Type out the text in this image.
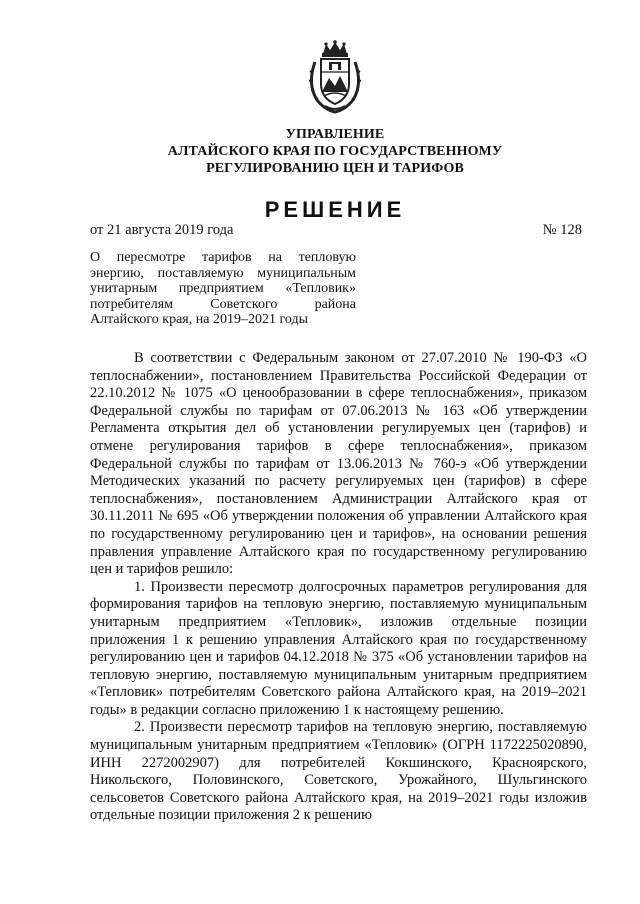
УПРАВЛЕНИЕ
АЛТАЙСКОГО КРАЯ ПО ГОСУДАРСТВЕННОМУ
РЕГУЛИРОВАНИЮ ЦЕН И ТАРИФОВ
РЕШЕНИЕ
от 21 августа 2019 года	№ 128
О пересмотре тарифов на тепловую энергию, поставляемую муниципальным унитарным предприятием «Тепловик» потребителям Советского района Алтайского края, на 2019‒2021 годы

В соответствии с Федеральным законом от 27.07.2010 № 190-ФЗ «О теплоснабжении», постановлением Правительства Российской Федерации от 22.10.2012 № 1075 «О ценообразовании в сфере теплоснабжения», приказом Федеральной службы по тарифам от 07.06.2013 № 163 «Об утверждении Регламента открытия дел об установлении регулируемых цен (тарифов) и отмене регулирования тарифов в сфере теплоснабжения», приказом Федеральной службы по тарифам от 13.06.2013 № 760-э «Об утверждении Методических указаний по расчету регулируемых цен (тарифов) в сфере теплоснабжения», постановлением Администрации Алтайского края от 30.11.2011 № 695 «Об утверждении положения об управлении Алтайского края по государственному регулированию цен и тарифов», на основании решения правления управление Алтайского края по государственному регулированию цен и тарифов решило:

1. Произвести пересмотр долгосрочных параметров регулирования для формирования тарифов на тепловую энергию, поставляемую муниципальным унитарным предприятием «Тепловик», изложив отдельные позиции приложения 1 к решению управления Алтайского края по государственному регулированию цен и тарифов 04.12.2018 № 375 «Об установлении тарифов на тепловую энергию, поставляемую муниципальным унитарным предприятием «Тепловик» потребителям Советского района Алтайского края, на 2019‒2021 годы» в редакции согласно приложению 1 к настоящему решению.

2. Произвести пересмотр тарифов на тепловую энергию, поставляемую муниципальным унитарным предприятием «Тепловик» (ОГРН 1172225020890, ИНН 2272002907) для потребителей Кокшинского, Красноярского, Никольского, Половинского, Советского, Урожайного, Шульгинского сельсоветов Советского района Алтайского края, на 2019‒2021 годы изложив отдельные позиции приложения 2 к решению
